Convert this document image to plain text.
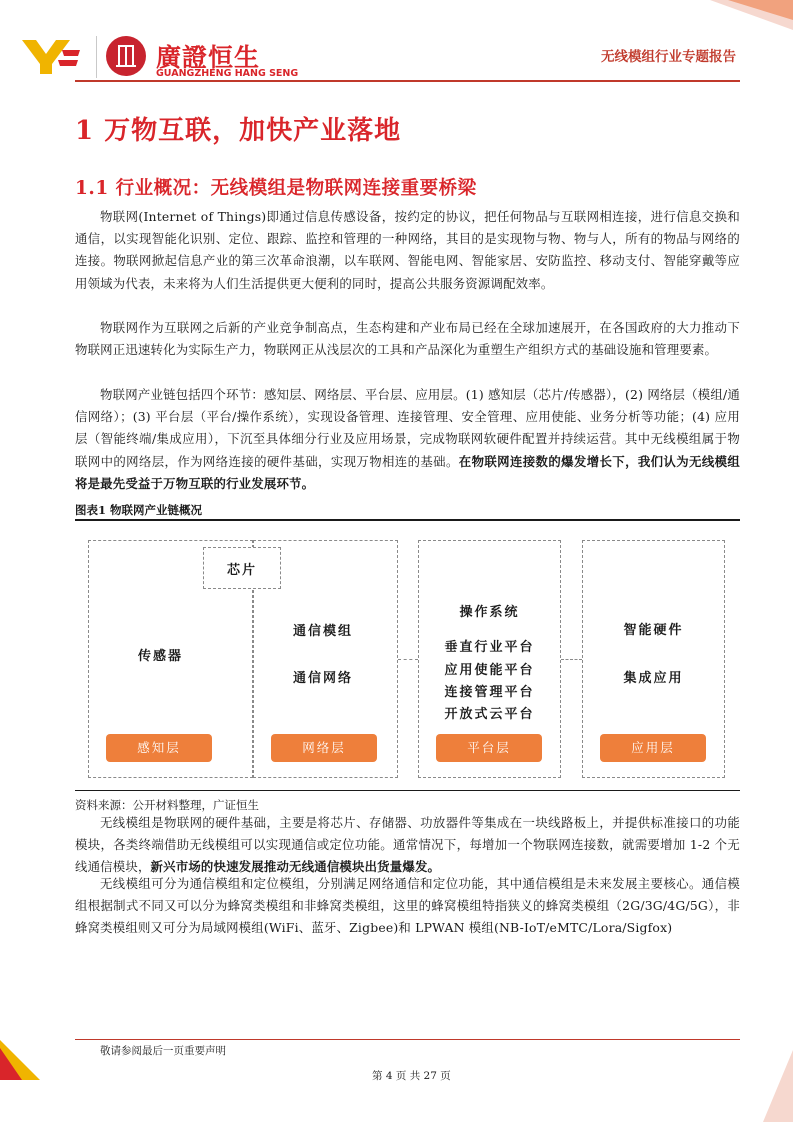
廣證恒生
GUANGZHENG HANG SENG
无线模组行业专题报告
1 万物互联，加快产业落地
1.1 行业概况：无线模组是物联网连接重要桥梁
物联网(Internet of Things)即通过信息传感设备，按约定的协议，把任何物品与互联网相连接，进行信息交换和通信，以实现智能化识别、定位、跟踪、监控和管理的一种网络，其目的是实现物与物、物与人，所有的物品与网络的连接。物联网掀起信息产业的第三次革命浪潮，以车联网、智能电网、智能家居、安防监控、移动支付、智能穿戴等应用领域为代表，未来将为人们生活提供更大便利的同时，提高公共服务资源调配效率。
物联网作为互联网之后新的产业竞争制高点，生态构建和产业布局已经在全球加速展开，在各国政府的大力推动下物联网正迅速转化为实际生产力，物联网正从浅层次的工具和产品深化为重塑生产组织方式的基础设施和管理要素。
物联网产业链包括四个环节：感知层、网络层、平台层、应用层。(1) 感知层（芯片/传感器），(2) 网络层（模组/通信网络）；(3) 平台层（平台/操作系统），实现设备管理、连接管理、安全管理、应用使能、业务分析等功能；(4) 应用层（智能终端/集成应用），下沉至具体细分行业及应用场景，完成物联网软硬件配置并持续运营。其中无线模组属于物联网中的网络层，作为网络连接的硬件基础，实现万物相连的基础。在物联网连接数的爆发增长下，我们认为无线模组将是最先受益于万物互联的行业发展环节。
图表1 物联网产业链概况
芯片
传感器
通信模组
通信网络
操作系统
垂直行业平台
应用使能平台
连接管理平台
开放式云平台
智能硬件
集成应用
感知层	网络层	平台层	应用层
资料来源：公开材料整理，广证恒生
无线模组是物联网的硬件基础，主要是将芯片、存储器、功放器件等集成在一块线路板上，并提供标准接口的功能模块，各类终端借助无线模组可以实现通信或定位功能。通常情况下，每增加一个物联网连接数，就需要增加 1-2 个无线通信模块，新兴市场的快速发展推动无线通信模块出货量爆发。
无线模组可分为通信模组和定位模组，分别满足网络通信和定位功能，其中通信模组是未来发展主要核心。通信模组根据制式不同又可以分为蜂窝类模组和非蜂窝类模组，这里的蜂窝模组特指狭义的蜂窝类模组（2G/3G/4G/5G），非蜂窝类模组则又可分为局域网模组(WiFi、蓝牙、Zigbee)和 LPWAN 模组(NB-IoT/eMTC/Lora/Sigfox)
敬请参阅最后一页重要声明
第 4 页 共 27 页
